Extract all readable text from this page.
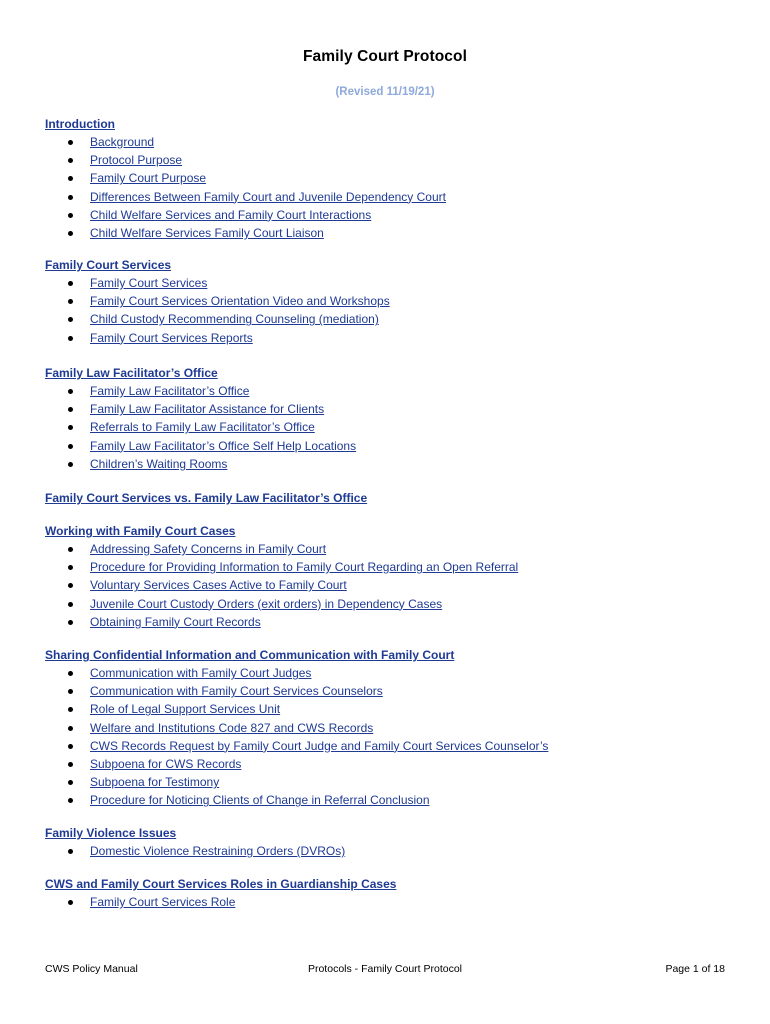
Family Court Protocol
(Revised 11/19/21)
Introduction
Background
Protocol Purpose
Family Court Purpose
Differences Between Family Court and Juvenile Dependency Court
Child Welfare Services and Family Court Interactions
Child Welfare Services Family Court Liaison
Family Court Services
Family Court Services
Family Court Services Orientation Video and Workshops
Child Custody Recommending Counseling (mediation)
Family Court Services Reports
Family Law Facilitator’s Office
Family Law Facilitator’s Office
Family Law Facilitator Assistance for Clients
Referrals to Family Law Facilitator’s Office
Family Law Facilitator’s Office Self Help Locations
Children’s Waiting Rooms
Family Court Services vs. Family Law Facilitator’s Office
Working with Family Court Cases
Addressing Safety Concerns in Family Court
Procedure for Providing Information to Family Court Regarding an Open Referral
Voluntary Services Cases Active to Family Court
Juvenile Court Custody Orders (exit orders) in Dependency Cases
Obtaining Family Court Records
Sharing Confidential Information and Communication with Family Court
Communication with Family Court Judges
Communication with Family Court Services Counselors
Role of Legal Support Services Unit
Welfare and Institutions Code 827 and CWS Records
CWS Records Request by Family Court Judge and Family Court Services Counselor’s
Subpoena for CWS Records
Subpoena for Testimony
Procedure for Noticing Clients of Change in Referral Conclusion
Family Violence Issues
Domestic Violence Restraining Orders (DVROs)
CWS and Family Court Services Roles in Guardianship Cases
Family Court Services Role
CWS Policy Manual	Protocols - Family Court Protocol	Page 1 of 18
